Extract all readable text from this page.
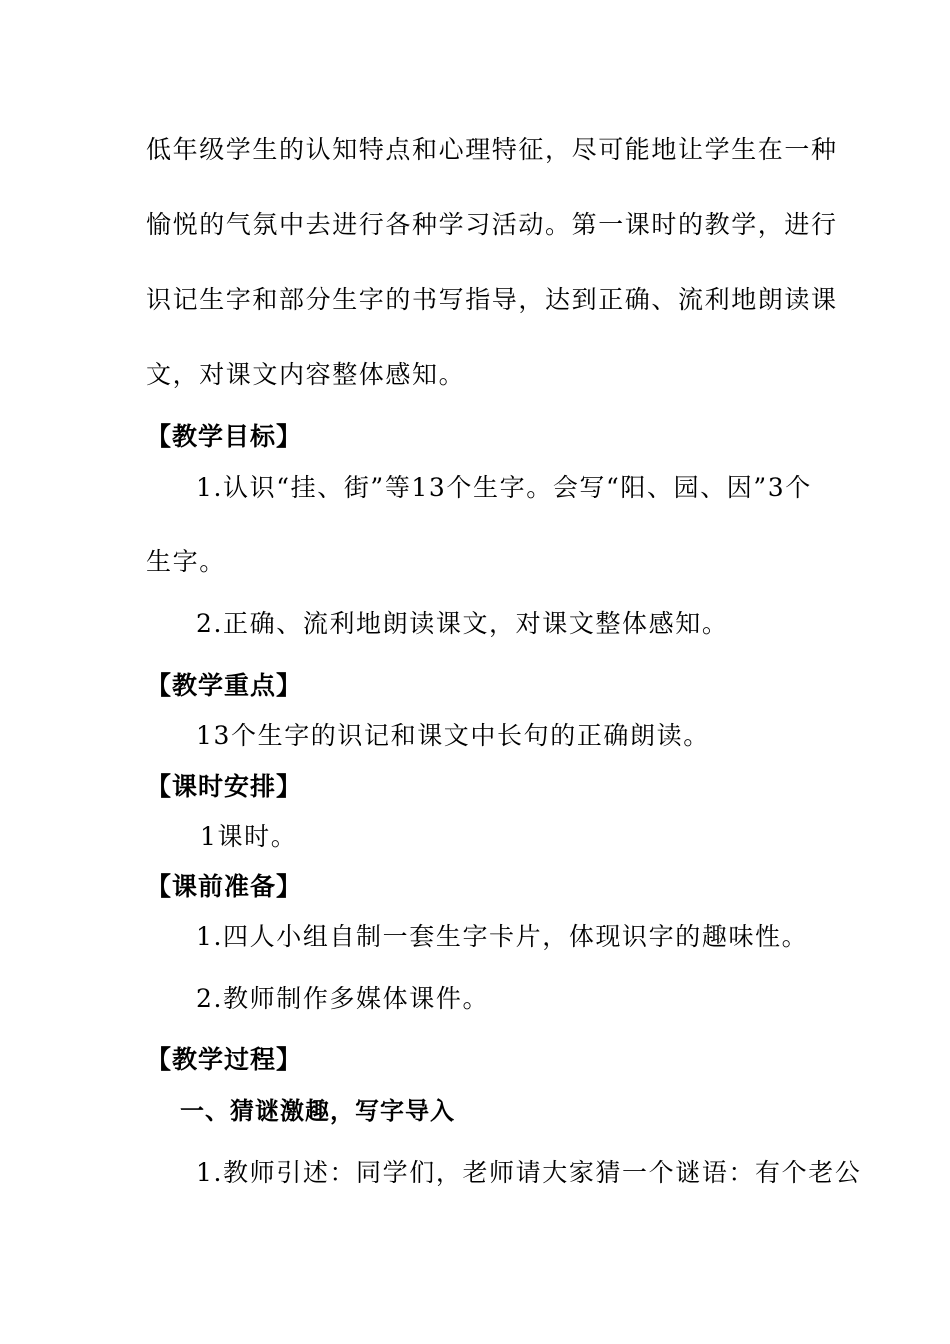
低年级学生的认知特点和心理特征，尽可能地让学生在一种
愉悦的气氛中去进行各种学习活动。第一课时的教学，进行
识记生字和部分生字的书写指导，达到正确、流利地朗读课
文，对课文内容整体感知。
【教学目标】
1.认识“挂、街”等13个生字。会写“阳、园、因”3个
生字。
2.正确、流利地朗读课文，对课文整体感知。
【教学重点】
13个生字的识记和课文中长句的正确朗读。
【课时安排】
1课时。
【课前准备】
1.四人小组自制一套生字卡片，体现识字的趣味性。
2.教师制作多媒体课件。
【教学过程】
一、猜谜激趣，写字导入
1.教师引述：同学们，老师请大家猜一个谜语：有个老公
